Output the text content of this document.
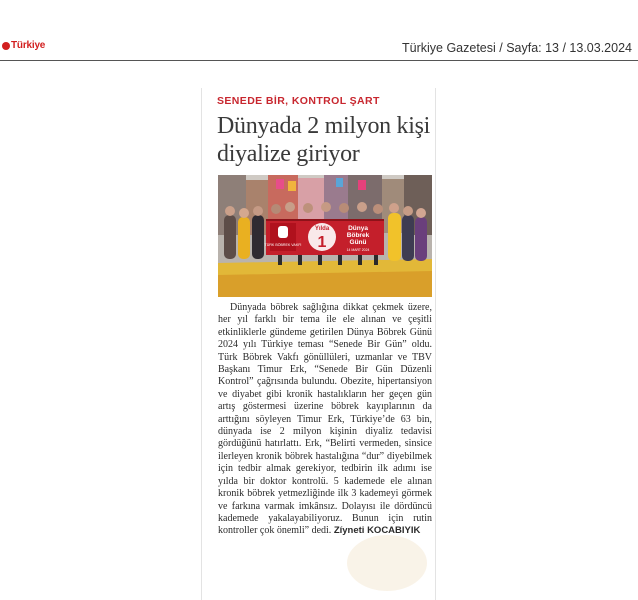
Türkiye	Türkiye Gazetesi / Sayfa: 13 / 13.03.2024
SENEDE BİR, KONTROL ŞART
Dünyada 2 milyon kişi diyalize giriyor
TÜRK BÖBREK VAKFI
Yılda
1
Dünya
Böbrek
Günü
14 MART 2024

Dünyada böbrek sağlığına dikkat çekmek üzere, her yıl farklı bir tema ile ele alınan ve çeşitli etkinliklerle gündeme getirilen Dünya Böbrek Günü 2024 yılı Türkiye teması “Senede Bir Gün” oldu. Türk Böbrek Vakfı gönüllüleri, uzmanlar ve TBV Başkanı Timur Erk, “Senede Bir Gün Düzenli Kontrol” çağrısında bulundu. Obezite, hipertansiyon ve diyabet gibi kronik hastalıkların her geçen gün artış göstermesi üzerine böbrek kayıplarının da arttığını söyleyen Timur Erk, Türkiye’de 63 bin, dünyada ise 2 milyon kişinin diyaliz tedavisi gördüğünü hatırlattı. Erk, “Belirti vermeden, sinsice ilerleyen kronik böbrek hastalığına “dur” diyebilmek için tedbir almak gerekiyor, tedbirin ilk adımı ise yılda bir doktor kontrolü. 5 kademede ele alınan kronik böbrek yetmezliğinde ilk 3 kademeyi görmek ve farkına varmak imkânsız. Dolayısı ile dördüncü kademede yakalayabiliyoruz. Bunun için rutin kontroller çok önemli” dedi. Zíyneti KOCABIYIK
